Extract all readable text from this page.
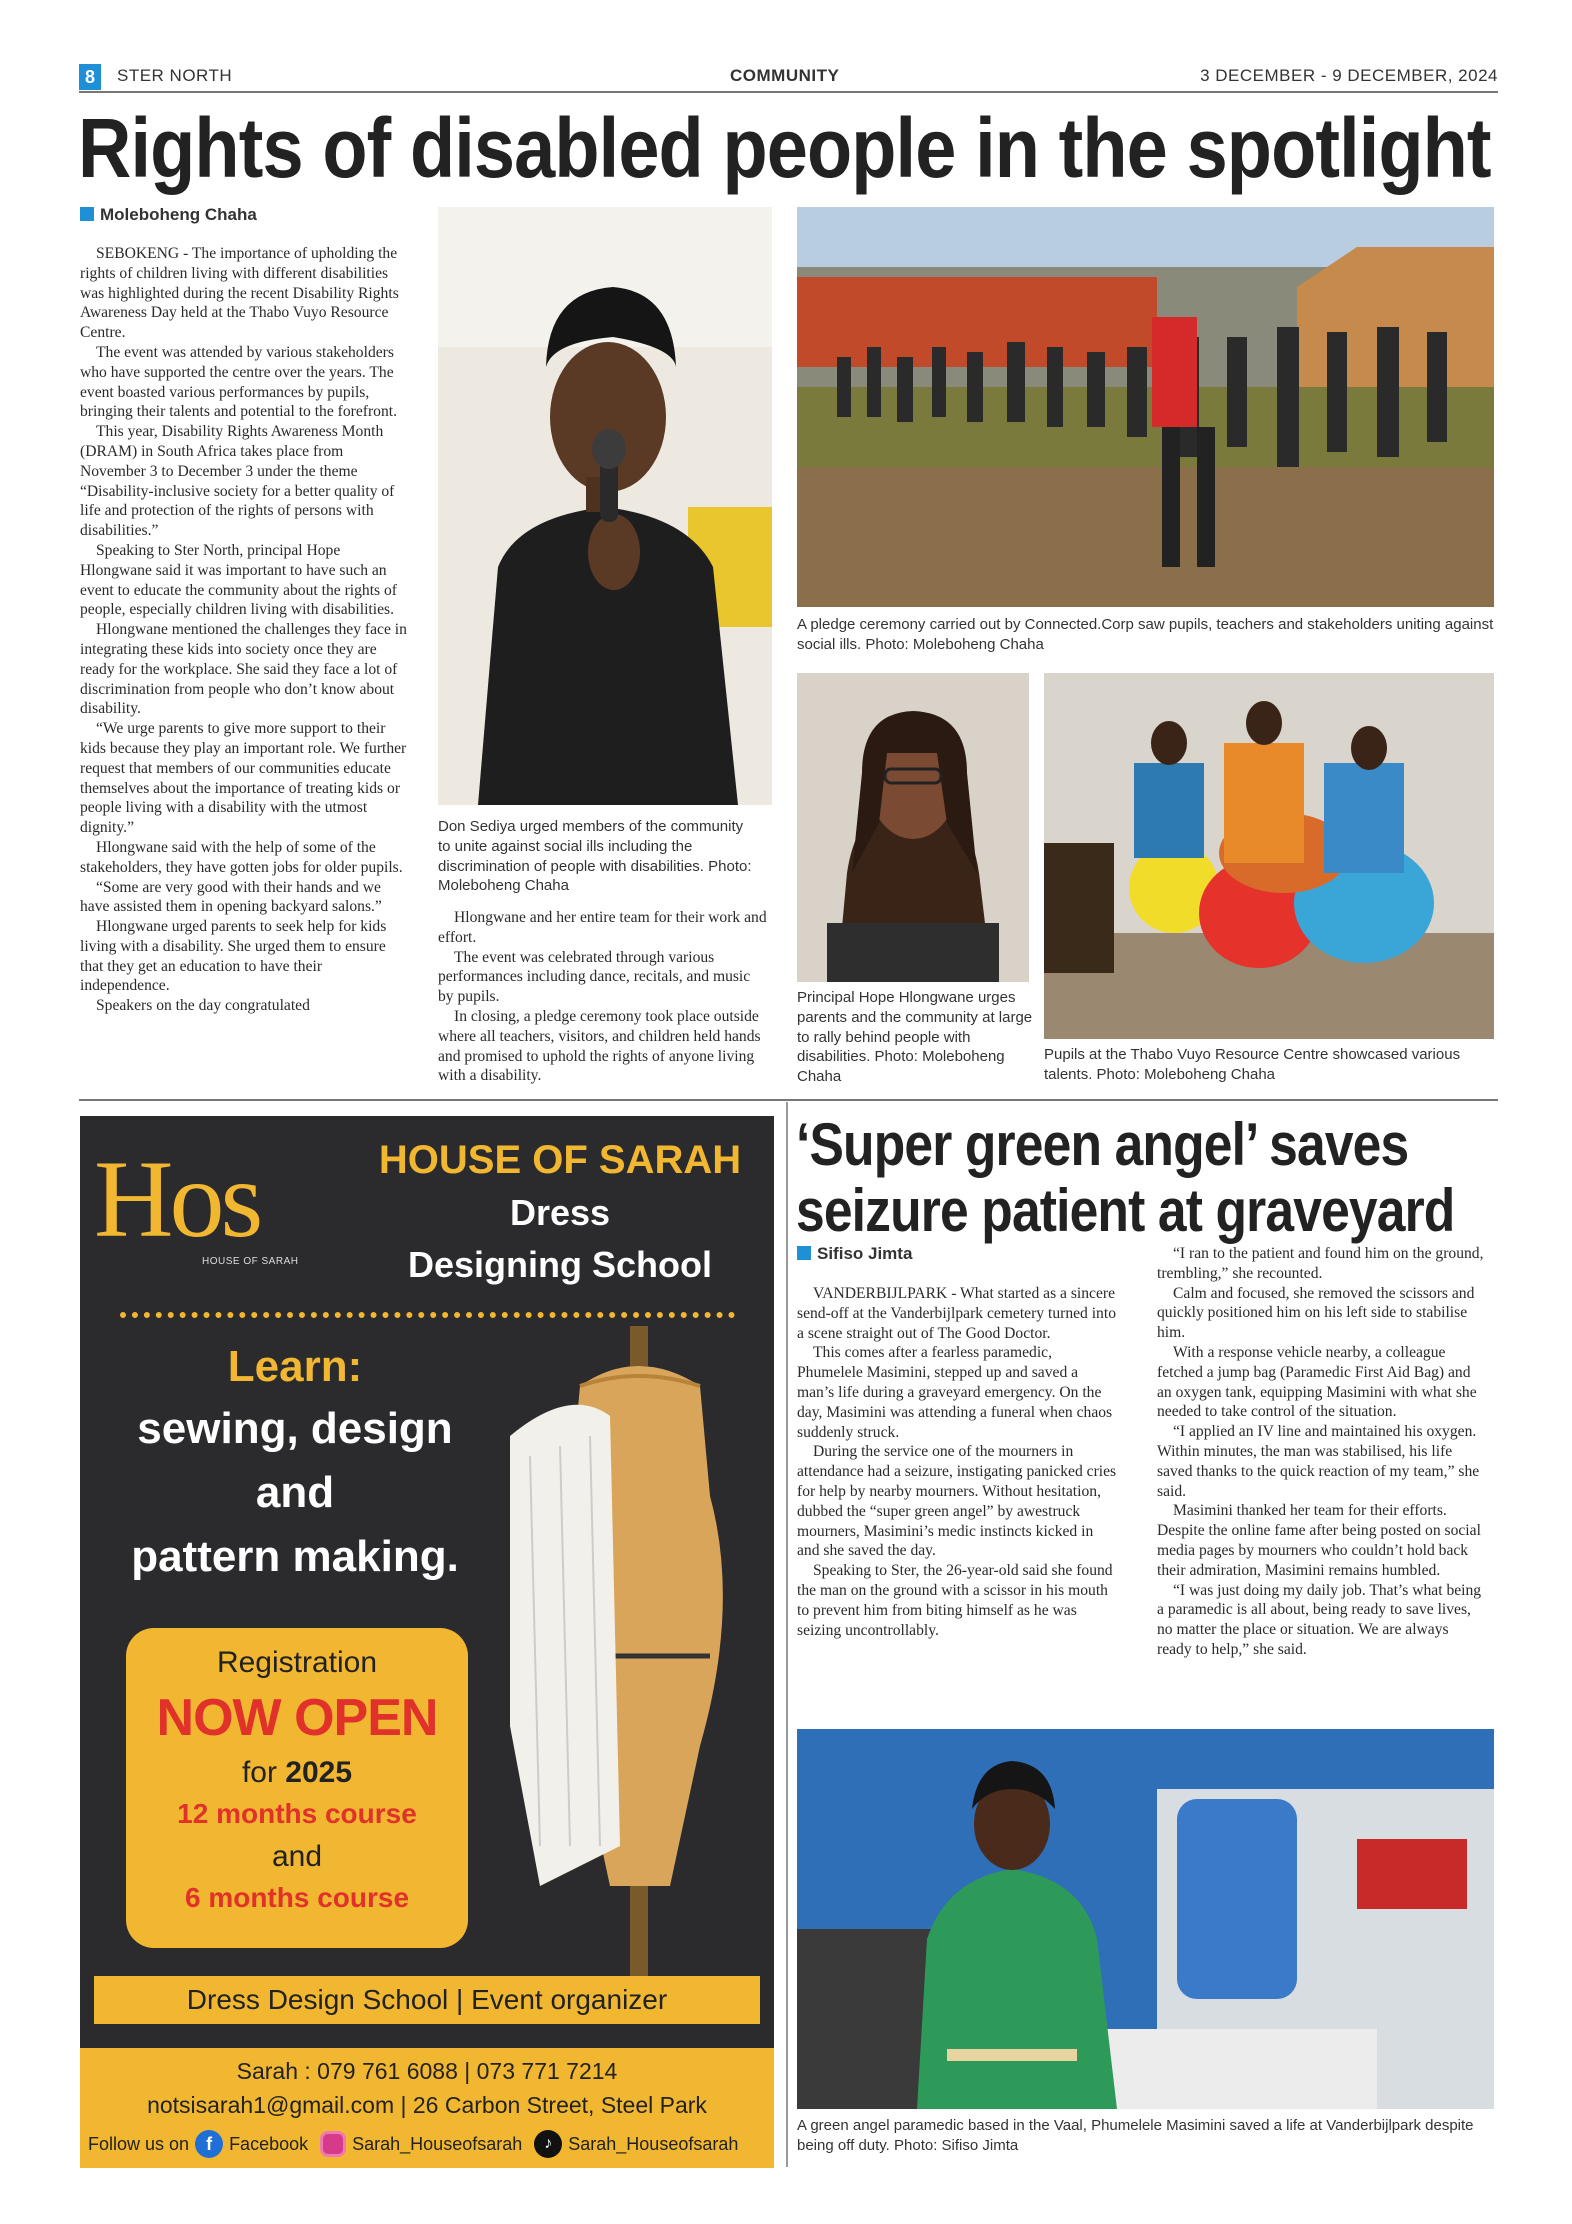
8	STER NORTH	COMMUNITY	3 DECEMBER - 9 DECEMBER, 2024
Rights of disabled people in the spotlight
Moleboheng Chaha

SEBOKENG - The importance of upholding the rights of children living with different disabilities was highlighted during the recent Disability Rights Awareness Day held at the Thabo Vuyo Resource Centre.

The event was attended by various stakeholders who have supported the centre over the years. The event boasted various performances by pupils, bringing their talents and potential to the forefront.

This year, Disability Rights Awareness Month (DRAM) in South Africa takes place from November 3 to December 3 under the theme “Disability-inclusive society for a better quality of life and protection of the rights of persons with disabilities.”

Speaking to Ster North, principal Hope Hlongwane said it was important to have such an event to educate the community about the rights of people, especially children living with disabilities.

Hlongwane mentioned the challenges they face in integrating these kids into society once they are ready for the workplace. She said they face a lot of discrimination from people who don’t know about disability.

“We urge parents to give more support to their kids because they play an important role. We further request that members of our communities educate themselves about the importance of treating kids or people living with a disability with the utmost dignity.”

Hlongwane said with the help of some of the stakeholders, they have gotten jobs for older pupils.

“Some are very good with their hands and we have assisted them in opening backyard salons.”

Hlongwane urged parents to seek help for kids living with a disability. She urged them to ensure that they get an education to have their independence.

Speakers on the day congratulated

Hlongwane and her entire team for their work and effort.

The event was celebrated through various performances including dance, recitals, and music by pupils.

In closing, a pledge ceremony took place outside where all teachers, visitors, and children held hands and promised to uphold the rights of anyone living with a disability.

Don Sediya urged members of the community to unite against social ills including the discrimination of people with disabilities. Photo: Moleboheng Chaha
A pledge ceremony carried out by Connected.Corp saw pupils, teachers and stakeholders uniting against social ills. Photo: Moleboheng Chaha
Principal Hope Hlongwane urges parents and the community at large to rally behind people with disabilities. Photo: Moleboheng Chaha
Pupils at the Thabo Vuyo Resource Centre showcased various talents. Photo: Moleboheng Chaha
Hos
HOUSE OF SARAH
HOUSE OF SARAH
Dress
Designing School
Learn:
sewing, design
and
pattern making.
Registration
NOW OPEN
for 2025
12 months course
and
6 months course
Dress Design School | Event organizer
Sarah : 079 761 6088 | 073 771 7214
notsisarah1@gmail.com | 26 Carbon Street, Steel Park
Follow us on f Facebook Sarah_Houseofsarah	♪ Sarah_Houseofsarah
‘Super green angel’ saves
seizure patient at graveyard
Sifiso Jimta

VANDERBIJLPARK - What started as a sincere send-off at the Vanderbijlpark cemetery turned into a scene straight out of The Good Doctor.

This comes after a fearless paramedic, Phumelele Masimini, stepped up and saved a man’s life during a graveyard emergency. On the day, Masimini was attending a funeral when chaos suddenly struck.

During the service one of the mourners in attendance had a seizure, instigating panicked cries for help by nearby mourners. Without hesitation, dubbed the “super green angel” by awestruck mourners, Masimini’s medic instincts kicked in and she saved the day.

Speaking to Ster, the 26-year-old said she found the man on the ground with a scissor in his mouth to prevent him from biting himself as he was seizing uncontrollably.

“I ran to the patient and found him on the ground, trembling,” she recounted.

Calm and focused, she removed the scissors and quickly positioned him on his left side to stabilise him.

With a response vehicle nearby, a colleague fetched a jump bag (Paramedic First Aid Bag) and an oxygen tank, equipping Masimini with what she needed to take control of the situation.

“I applied an IV line and maintained his oxygen. Within minutes, the man was stabilised, his life saved thanks to the quick reaction of my team,” she said.

Masimini thanked her team for their efforts. Despite the online fame after being posted on social media pages by mourners who couldn’t hold back their admiration, Masimini remains humbled.

“I was just doing my daily job. That’s what being a paramedic is all about, being ready to save lives, no matter the place or situation. We are always ready to help,” she said.

A green angel paramedic based in the Vaal, Phumelele Masimini saved a life at Vanderbijlpark despite being off duty. Photo: Sifiso Jimta
